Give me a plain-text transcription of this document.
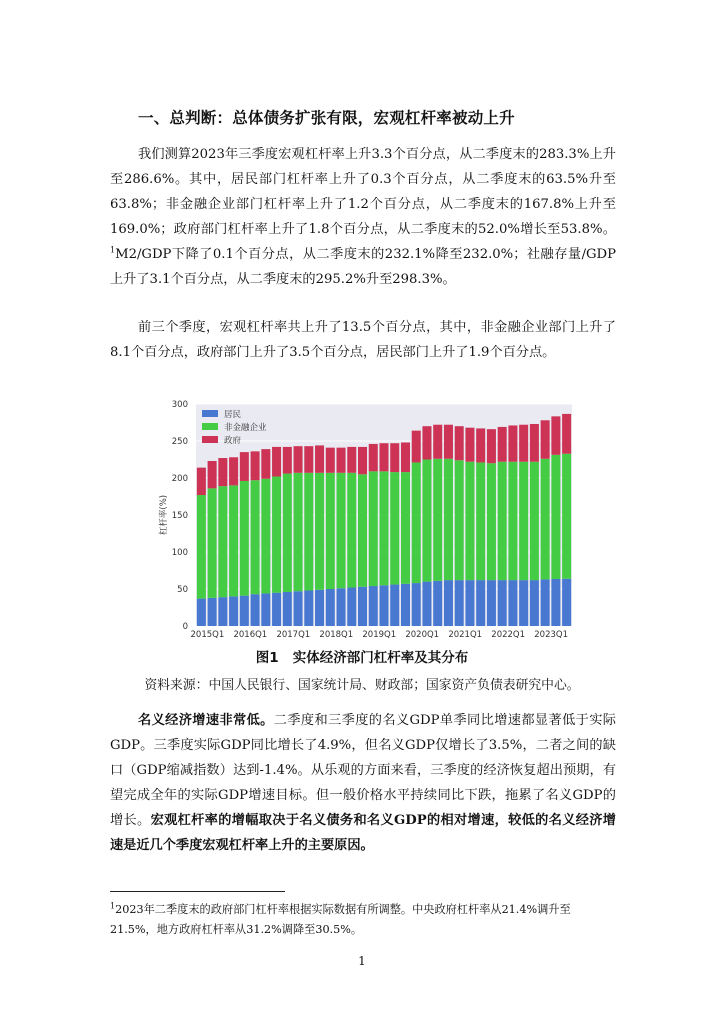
一、总判断：总体债务扩张有限，宏观杠杆率被动上升
我们测算2023年三季度宏观杠杆率上升3.3个百分点，从二季度末的283.3%上升至286.6%。其中，居民部门杠杆率上升了0.3个百分点，从二季度末的63.5%升至63.8%；非金融企业部门杠杆率上升了1.2个百分点，从二季度末的167.8%上升至169.0%；政府部门杠杆率上升了1.8个百分点，从二季度末的52.0%增长至53.8%。$^1$M2/GDP下降了0.1个百分点，从二季度末的232.1%降至232.0%；社融存量/GDP上升了3.1个百分点，从二季度末的295.2%升至298.3%。
前三个季度，宏观杠杆率共上升了13.5个百分点，其中，非金融企业部门上升了8.1个百分点，政府部门上升了3.5个百分点，居民部门上升了1.9个百分点。
0
50
100
150
200
250
300
杠杆率(%)
2015Q1 2016Q1 2017Q1 2018Q1 2019Q1 2020Q1 2021Q1 2022Q1 2023Q1
居民
非金融企业
政府
图1 实体经济部门杠杆率及其分布
资料来源：中国人民银行、国家统计局、财政部；国家资产负债表研究中心。
名义经济增速非常低。二季度和三季度的名义GDP单季同比增速都显著低于实际GDP。三季度实际GDP同比增长了4.9%，但名义GDP仅增长了3.5%，二者之间的缺口（GDP缩减指数）达到-1.4%。从乐观的方面来看，三季度的经济恢复超出预期，有望完成全年的实际GDP增速目标。但一般价格水平持续同比下跌，拖累了名义GDP的增长。宏观杠杆率的增幅取决于名义债务和名义GDP的相对增速，较低的名义经济增速是近几个季度宏观杠杆率上升的主要原因。
$^1$2023年二季度末的政府部门杠杆率根据实际数据有所调整。中央政府杠杆率从21.4%调升至21.5%，地方政府杠杆率从31.2%调降至30.5%。
1
